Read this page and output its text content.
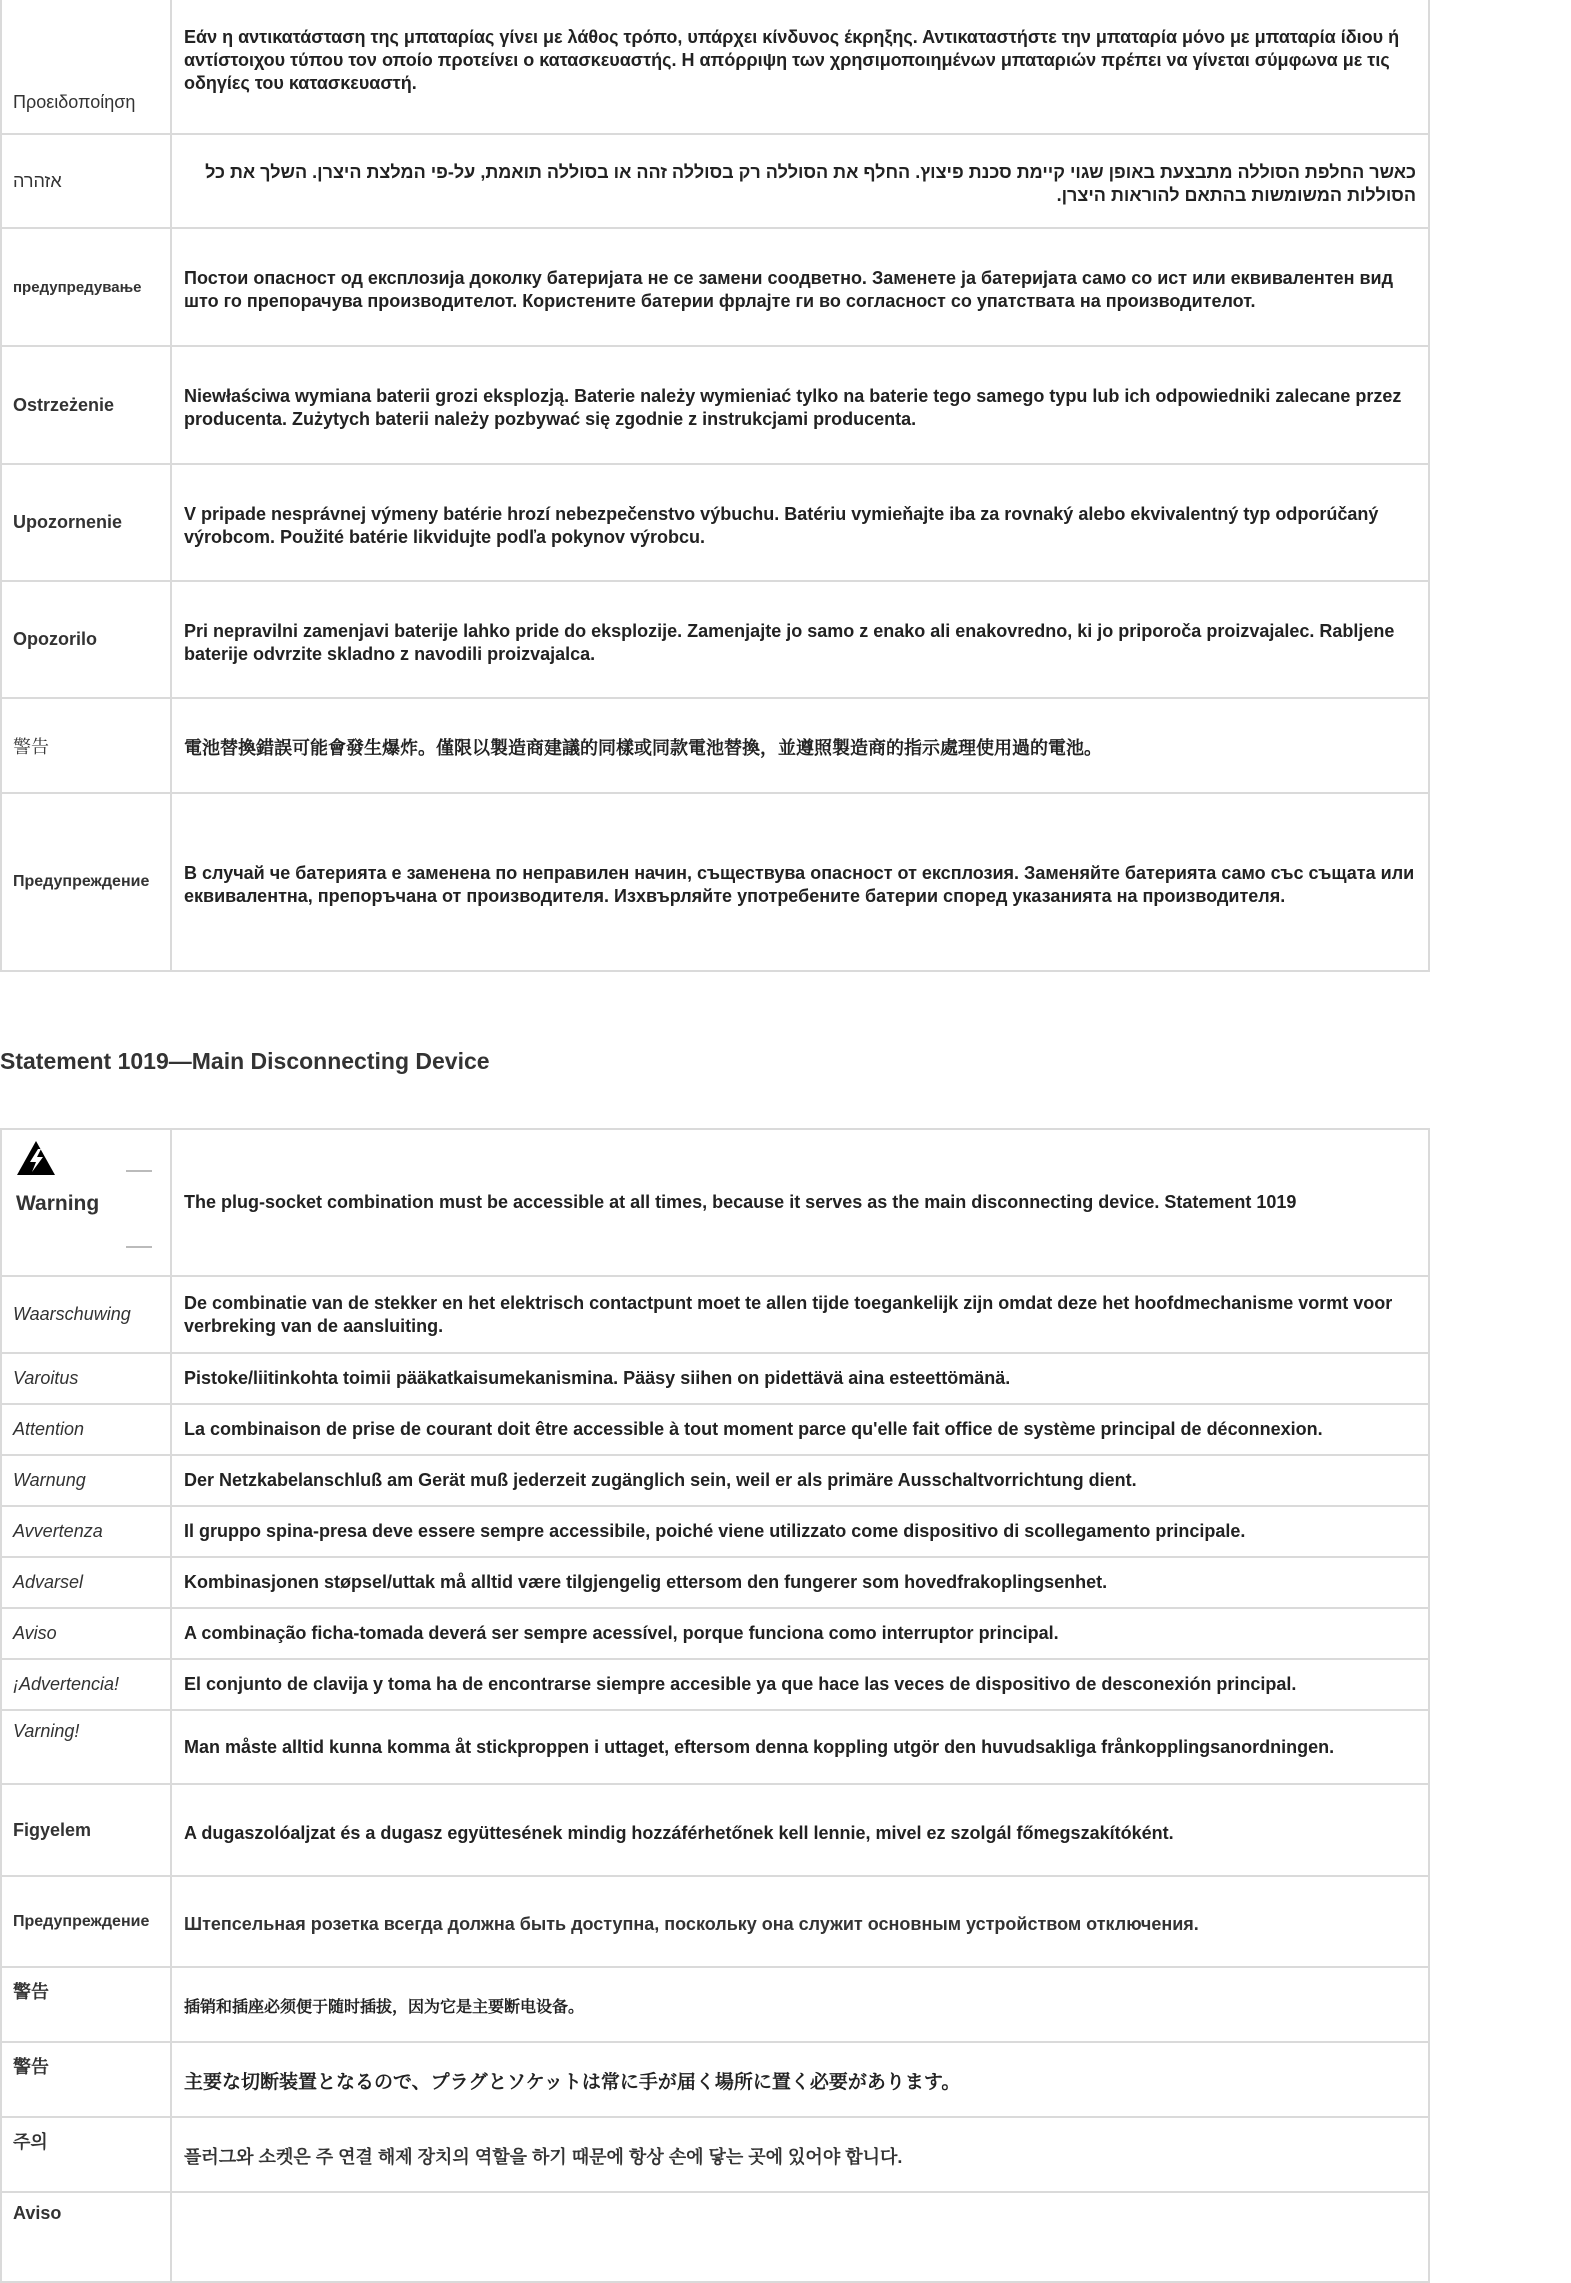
Προειδοποίηση	Εάν η αντικατάσταση της μπαταρίας γίνει με λάθος τρόπο, υπάρχει κίνδυνος έκρηξης. Αντικαταστήστε την μπαταρία μόνο με μπαταρία ίδιου ή αντίστοιχου τύπου τον οποίο προτείνει ο κατασκευαστής. Η απόρριψη των χρησιμοποιημένων μπαταριών πρέπει να γίνεται σύμφωνα με τις οδηγίες του κατασκευαστή.
אזהרה	כאשר החלפת הסוללה מתבצעת באופן שגוי קיימת סכנת פיצוץ. החלף את הסוללה רק בסוללה זהה או בסוללה תואמת, על-פי המלצת היצרן. השלך את כל הסוללות המשומשות בהתאם להוראות היצרן.
предупредување	Постои опасност од експлозија доколку батеријата не се замени соодветно. Заменете ја батеријата само со ист или еквивалентен вид што го препорачува производителот. Користените батерии фрлајте ги во согласност со упатствата на производителот.
Ostrzeżenie	Niewłaściwa wymiana baterii grozi eksplozją. Baterie należy wymieniać tylko na baterie tego samego typu lub ich odpowiedniki zalecane przez producenta. Zużytych baterii należy pozbywać się zgodnie z instrukcjami producenta.
Upozornenie	V pripade nesprávnej výmeny batérie hrozí nebezpečenstvo výbuchu. Batériu vymieňajte iba za rovnaký alebo ekvivalentný typ odporúčaný výrobcom. Použité batérie likvidujte podľa pokynov výrobcu.
Opozorilo	Pri nepravilni zamenjavi baterije lahko pride do eksplozije. Zamenjajte jo samo z enako ali enakovredno, ki jo priporoča proizvajalec. Rabljene baterije odvrzite skladno z navodili proizvajalca.
警告	電池替換錯誤可能會發生爆炸。僅限以製造商建議的同樣或同款電池替換，並遵照製造商的指示處理使用過的電池。
Предупреждение	В случай че батерията е заменена по неправилен начин, съществува опасност от експлозия. Заменяйте батерията само със същата или еквивалентна, препоръчана от производителя. Изхвърляйте употребените батерии според указанията на производителя.
Statement 1019—Main Disconnecting Device
Warning	The plug-socket combination must be accessible at all times, because it serves as the main disconnecting device. Statement 1019
Waarschuwing	De combinatie van de stekker en het elektrisch contactpunt moet te allen tijde toegankelijk zijn omdat deze het hoofdmechanisme vormt voor verbreking van de aansluiting.
Varoitus	Pistoke/liitinkohta toimii pääkatkaisumekanismina. Pääsy siihen on pidettävä aina esteettömänä.
Attention	La combinaison de prise de courant doit être accessible à tout moment parce qu'elle fait office de système principal de déconnexion.
Warnung	Der Netzkabelanschluß am Gerät muß jederzeit zugänglich sein, weil er als primäre Ausschaltvorrichtung dient.
Avvertenza	Il gruppo spina-presa deve essere sempre accessibile, poiché viene utilizzato come dispositivo di scollegamento principale.
Advarsel	Kombinasjonen støpsel/uttak må alltid være tilgjengelig ettersom den fungerer som hovedfrakoplingsenhet.
Aviso	A combinação ficha-tomada deverá ser sempre acessível, porque funciona como interruptor principal.
¡Advertencia!	El conjunto de clavija y toma ha de encontrarse siempre accesible ya que hace las veces de dispositivo de desconexión principal.
Varning!	Man måste alltid kunna komma åt stickproppen i uttaget, eftersom denna koppling utgör den huvudsakliga frånkopplingsanordningen.
Figyelem	A dugaszolóaljzat és a dugasz együttesének mindig hozzáférhetőnek kell lennie, mivel ez szolgál főmegszakítóként.
Предупреждение	Штепсельная розетка всегда должна быть доступна, поскольку она служит основным устройством отключения.
警告	插销和插座必须便于随时插拔，因为它是主要断电设备。
警告	主要な切断装置となるので、プラグとソケットは常に手が届く場所に置く必要があります。
주의	플러그와 소켓은 주 연결 해제 장치의 역할을 하기 때문에 항상 손에 닿는 곳에 있어야 합니다.
Aviso	
